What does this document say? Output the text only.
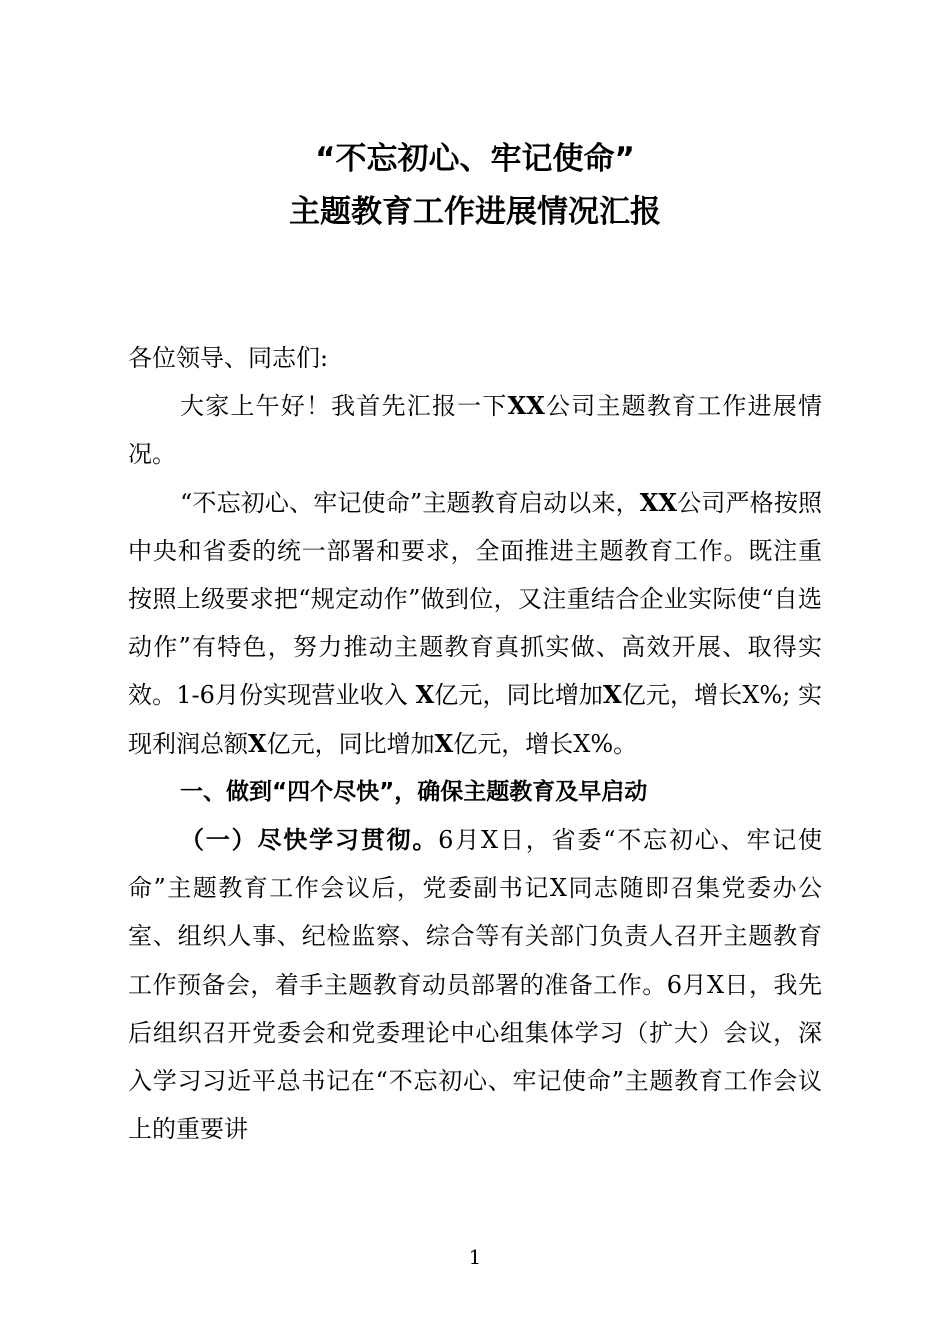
“不忘初心、牢记使命”
主题教育工作进展情况汇报

各位领导、同志们:

大家上午好！我首先汇报一下XX公司主题教育工作进展情况。

“不忘初心、牢记使命”主题教育启动以来，XX公司严格按照中央和省委的统一部署和要求，全面推进主题教育工作。既注重按照上级要求把“规定动作”做到位，又注重结合企业实际使“自选动作”有特色，努力推动主题教育真抓实做、高效开展、取得实效。1-6月份实现营业收入 X亿元，同比增加X亿元，增长X%; 实现利润总额X亿元，同比增加X亿元，增长X%。

一、做到“四个尽快”，确保主题教育及早启动

（一）尽快学习贯彻。6月X日，省委“不忘初心、牢记使命”主题教育工作会议后，党委副书记X同志随即召集党委办公室、组织人事、纪检监察、综合等有关部门负责人召开主题教育工作预备会，着手主题教育动员部署的准备工作。6月X日，我先后组织召开党委会和党委理论中心组集体学习（扩大）会议，深入学习习近平总书记在“不忘初心、牢记使命”主题教育工作会议上的重要讲

1
